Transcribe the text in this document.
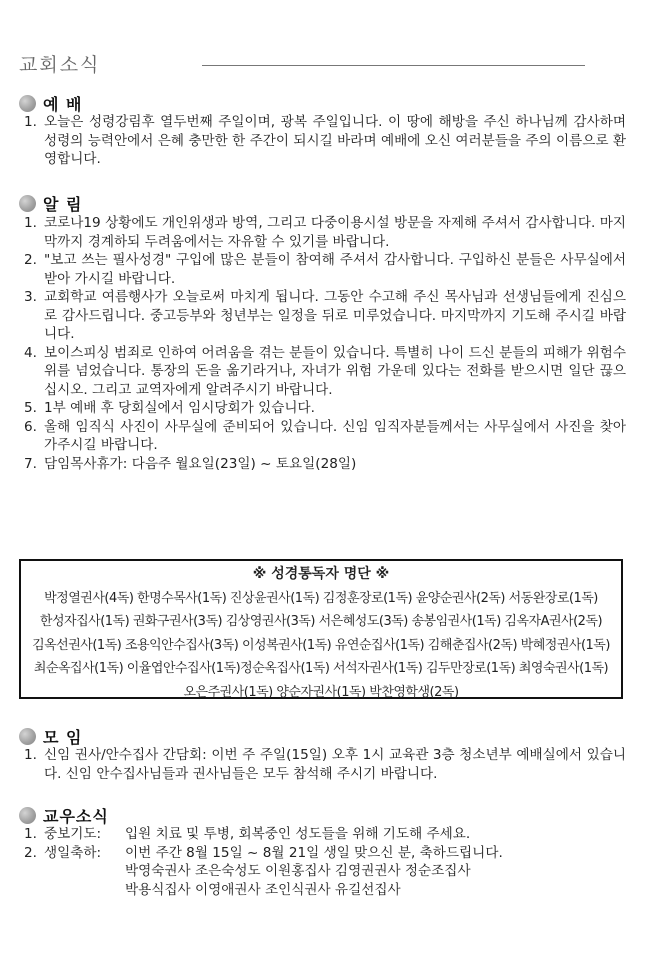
교회소식
예 배
1. 오늘은 성령강림후 열두번째 주일이며, 광복 주일입니다. 이 땅에 해방을 주신 하나님께 감사하며 성령의 능력안에서 은혜 충만한 한 주간이 되시길 바라며 예배에 오신 여러분들을 주의 이름으로 환영합니다.
알 림
1. 코로나19 상황에도 개인위생과 방역, 그리고 다중이용시설 방문을 자제해 주셔서 감사합니다. 마지막까지 경계하되 두려움에서는 자유할 수 있기를 바랍니다.
2. "보고 쓰는 필사성경" 구입에 많은 분들이 참여해 주셔서 감사합니다. 구입하신 분들은 사무실에서 받아 가시길 바랍니다.
3. 교회학교 여름행사가 오늘로써 마치게 됩니다. 그동안 수고해 주신 목사님과 선생님들에게 진심으로 감사드립니다. 중고등부와 청년부는 일정을 뒤로 미루었습니다. 마지막까지 기도해 주시길 바랍니다.
4. 보이스피싱 범죄로 인하여 어려움을 겪는 분들이 있습니다. 특별히 나이 드신 분들의 피해가 위험수위를 넘었습니다. 통장의 돈을 옮기라거나, 자녀가 위험 가운데 있다는 전화를 받으시면 일단 끊으십시오. 그리고 교역자에게 알려주시기 바랍니다.
5. 1부 예배 후 당회실에서 임시당회가 있습니다.
6. 올해 임직식 사진이 사무실에 준비되어 있습니다. 신임 임직자분들께서는 사무실에서 사진을 찾아가주시길 바랍니다.
7. 담임목사휴가: 다음주 월요일(23일) ~ 토요일(28일)
※ 성경통독자 명단 ※
박정열권사(4독) 한명수목사(1독) 진상윤권사(1독) 김정훈장로(1독) 윤양순권사(2독) 서동완장로(1독)
한성자집사(1독) 권화구권사(3독) 김상영권사(3독) 서은혜성도(3독) 송봉임권사(1독) 김옥자A권사(2독)
김옥선권사(1독) 조용익안수집사(3독) 이성복권사(1독) 유연순집사(1독) 김해춘집사(2독) 박혜정권사(1독)
최순옥집사(1독) 이율엽안수집사(1독)정순옥집사(1독) 서석자권사(1독) 김두만장로(1독) 최영숙권사(1독)
오은주권사(1독) 양순자권사(1독) 박찬영학생(2독)
모 임
1. 신임 권사/안수집사 간담회: 이번 주 주일(15일) 오후 1시 교육관 3층 청소년부 예배실에서 있습니다. 신임 안수집사님들과 권사님들은 모두 참석해 주시기 바랍니다.
교우소식
1. 중보기도: 입원 치료 및 투병, 회복중인 성도들을 위해 기도해 주세요.
2. 생일축하: 이번 주간 8월 15일 ~ 8월 21일 생일 맞으신 분, 축하드립니다.
박영숙권사 조은숙성도 이원홍집사 김영권권사 정순조집사
박용식집사 이영애권사 조인식권사 유길선집사
